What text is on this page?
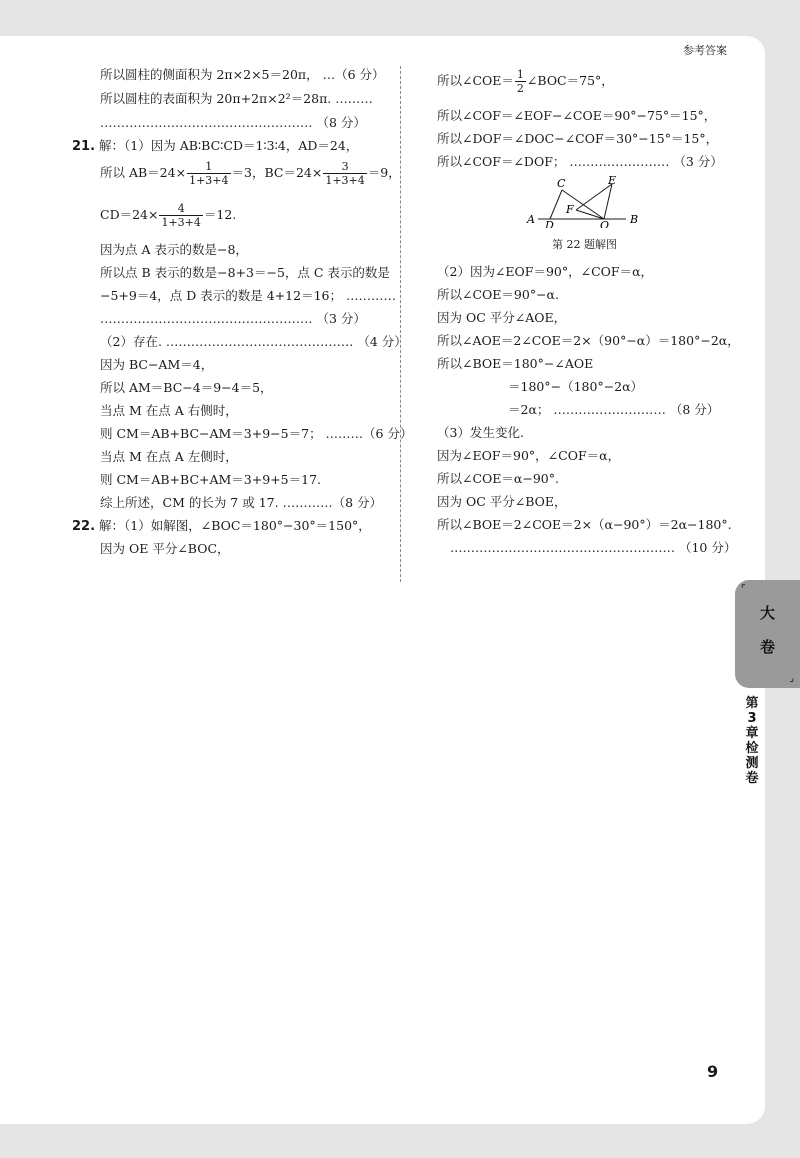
参考答案
所以圆柱的侧面积为 2π×2×5＝20π， …（6 分）
所以圆柱的表面积为 20π+2π×2²＝28π. ………
…………………………………………… （8 分）
21. 解：（1）因为 AB∶BC∶CD＝1∶3∶4，AD＝24，
所以 $AB=24\times \frac{1}{1+3+4} =3$，$BC=24\times \frac{3}{1+3+4} =9$，
$CD=24\times \frac{4}{1+3+4} =12$.
因为点 A 表示的数是−8，
所以点 B 表示的数是−8+3＝−5，点 C 表示的数是
−5+9＝4，点 D 表示的数是 4+12＝16； …………
…………………………………………… （3 分）
（2）存在. ……………………………………… （4 分）
因为 BC−AM＝4，
所以 AM＝BC−4＝9−4＝5，
当点 M 在点 A 右侧时，
则 CM＝AB+BC−AM＝3+9−5＝7； ………（6 分）
当点 M 在点 A 左侧时，
则 CM＝AB+BC+AM＝3+9+5＝17.
综上所述，CM 的长为 7 或 17. …………（8 分）
22. 解：（1）如解图，∠BOC＝180°−30°＝150°，
因为 OE 平分∠BOC，
所以∠COE＝ $\frac{1}{2}$ ∠BOC＝75°，
所以∠COF＝∠EOF−∠COE＝90°−75°＝15°，
所以∠DOF＝∠DOC−∠COF＝30°−15°＝15°，
所以∠COF＝∠DOF； …………………… （3 分）
A	B
C
D
E
F
O
第 22 题解图
（2）因为∠EOF＝90°，∠COF＝α，
所以∠COE＝90°−α.
因为 OC 平分∠AOE，
所以∠AOE＝2∠COE＝2×（90°−α）＝180°−2α，
所以∠BOE＝180°−∠AOE
＝180°−（180°−2α）
＝2α； ……………………… （8 分）
（3）发生变化.
因为∠EOF＝90°，∠COF＝α，
所以∠COE＝α−90°.
因为 OC 平分∠BOE，
所以∠BOE＝2∠COE＝2×（α−90°）＝2α−180°.
……………………………………………… （10 分）
⌜
大
卷
⌟
第3章检测卷
9
